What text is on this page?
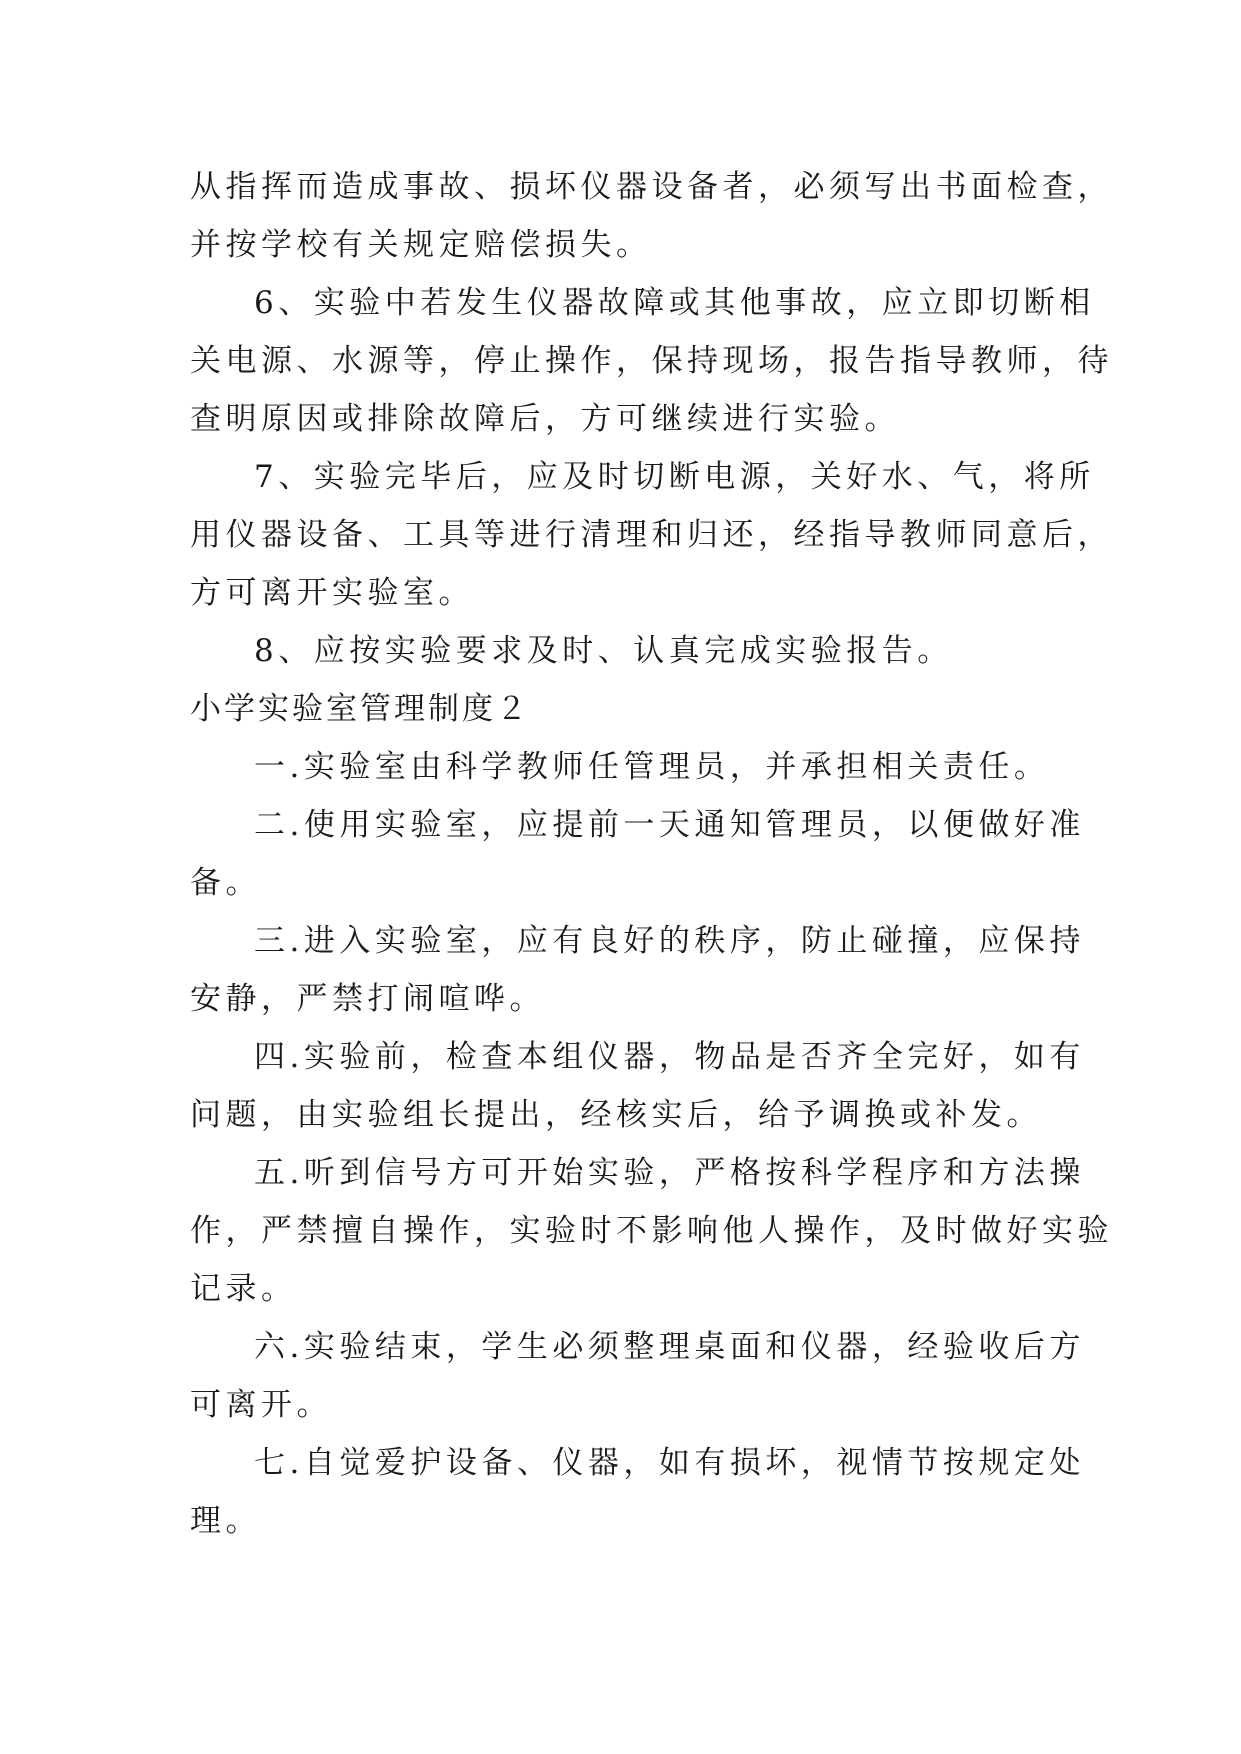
从指挥而造成事故、损坏仪器设备者，必须写出书面检查，
并按学校有关规定赔偿损失。
6、实验中若发生仪器故障或其他事故，应立即切断相
关电源、水源等，停止操作，保持现场，报告指导教师，待
查明原因或排除故障后，方可继续进行实验。
7、实验完毕后，应及时切断电源，关好水、气，将所
用仪器设备、工具等进行清理和归还，经指导教师同意后，
方可离开实验室。
8、应按实验要求及时、认真完成实验报告。
小学实验室管理制度２
一.实验室由科学教师任管理员，并承担相关责任。
二.使用实验室，应提前一天通知管理员，以便做好准
备。
三.进入实验室，应有良好的秩序，防止碰撞，应保持
安静，严禁打闹喧哗。
四.实验前，检查本组仪器，物品是否齐全完好，如有
问题，由实验组长提出，经核实后，给予调换或补发。
五.听到信号方可开始实验，严格按科学程序和方法操
作，严禁擅自操作，实验时不影响他人操作，及时做好实验
记录。
六.实验结束，学生必须整理桌面和仪器，经验收后方
可离开。
七.自觉爱护设备、仪器，如有损坏，视情节按规定处
理。
